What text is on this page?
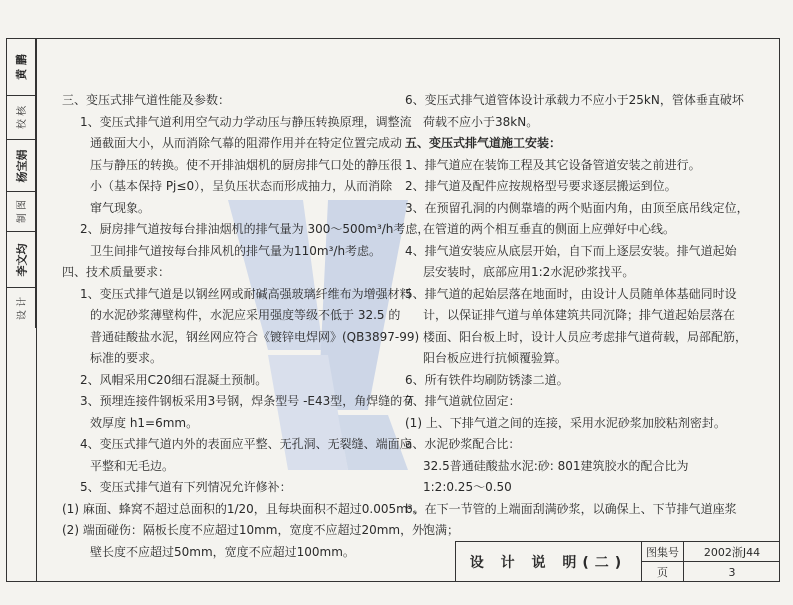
黄 鹏
校 核
杨宝娟
制 图
李文均
设 计
三、变压式排气道性能及参数：
1、变压式排气道利用空气动力学动压与静压转换原理，调整流
通截面大小，从而消除气幕的阻滞作用并在特定位置完成动
压与静压的转换。使不开排油烟机的厨房排气口处的静压很
小（基本保持 Pj≤0），呈负压状态而形成抽力，从而消除
窜气现象。
2、厨房排气道按每台排油烟机的排气量为 300～500m³/h考虑，
卫生间排气道按每台排风机的排气量为110m³/h考虑。
四、技术质量要求：
1、变压式排气道是以钢丝网或耐碱高强玻璃纤维布为增强材料
的水泥砂浆薄壁构件，水泥应采用强度等级不低于 32.5 的
普通硅酸盐水泥，钢丝网应符合《镀锌电焊网》(QB3897-99)
标准的要求。
2、风帽采用C20细石混凝土预制。
3、预埋连接件钢板采用3号钢，焊条型号 -E43型，角焊缝的有
效厚度 h1=6mm。
4、变压式排气道内外的表面应平整、无孔洞、无裂缝、端面应
平整和无毛边。
5、变压式排气道有下列情况允许修补：
(1) 麻面、蜂窝不超过总面积的1/20，且每块面积不超过0.005m²。
(2) 端面碰伤：隔板长度不应超过10mm，宽度不应超过20mm，外
壁长度不应超过50mm，宽度不应超过100mm。
6、变压式排气道管体设计承载力不应小于25kN，管体垂直破坏
荷载不应小于38kN。
五、变压式排气道施工安装：
1、排气道应在装饰工程及其它设备管道安装之前进行。
2、排气道及配件应按规格型号要求逐层搬运到位。
3、在预留孔洞的内侧靠墙的两个贴面内角，由顶至底吊线定位，
在管道的两个相互垂直的侧面上应弹好中心线。
4、排气道安装应从底层开始，自下而上逐层安装。排气道起始
层安装时，底部应用1:2水泥砂浆找平。
5、排气道的起始层落在地面时，由设计人员随单体基础同时设
计，以保证排气道与单体建筑共同沉降；排气道起始层落在
楼面、阳台板上时，设计人员应考虑排气道荷载，局部配筋，
阳台板应进行抗倾覆验算。
6、所有铁件均刷防锈漆二道。
7、排气道就位固定：
(1) 上、下排气道之间的连接，采用水泥砂浆加胶粘剂密封。
a、水泥砂浆配合比：
32.5普通硅酸盐水泥:砂: 801建筑胶水的配合比为
1:2:0.25～0.50
b、在下一节管的上端面刮满砂浆，以确保上、下节排气道座浆
饱满；
设 计 说 明(二)
图集号	2002浙J44
页	3
